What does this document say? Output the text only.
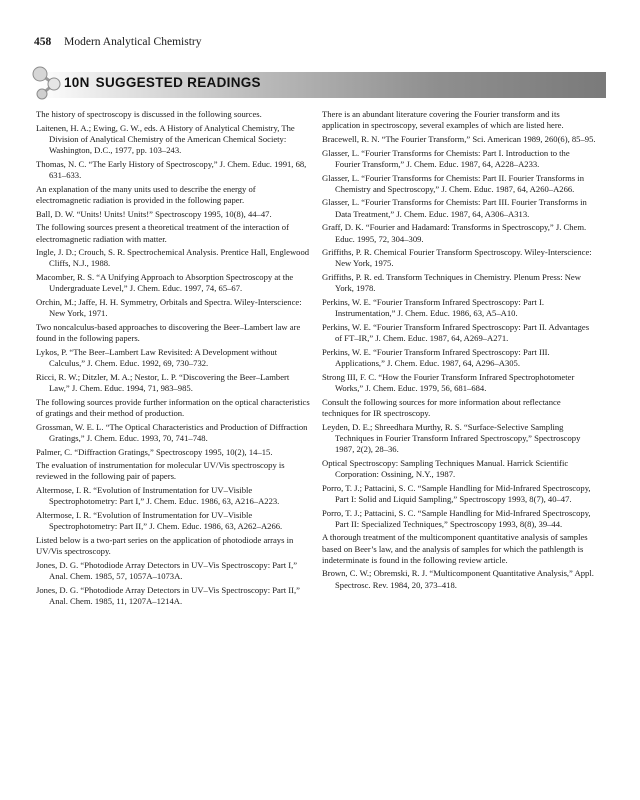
458 Modern Analytical Chemistry
10N SUGGESTED READINGS
The history of spectroscopy is discussed in the following sources.
Laitenen, H. A.; Ewing, G. W., eds. A History of Analytical Chemistry, The Division of Analytical Chemistry of the American Chemical Society: Washington, D.C., 1977, pp. 103–243.
Thomas, N. C. “The Early History of Spectroscopy,” J. Chem. Educ. 1991, 68, 631–633.
An explanation of the many units used to describe the energy of electromagnetic radiation is provided in the following paper.
Ball, D. W. “Units! Units! Units!” Spectroscopy 1995, 10(8), 44–47.
The following sources present a theoretical treatment of the interaction of electromagnetic radiation with matter.
Ingle, J. D.; Crouch, S. R. Spectrochemical Analysis. Prentice Hall, Englewood Cliffs, N.J., 1988.
Macomber, R. S. “A Unifying Approach to Absorption Spectroscopy at the Undergraduate Level,” J. Chem. Educ. 1997, 74, 65–67.
Orchin, M.; Jaffe, H. H. Symmetry, Orbitals and Spectra. Wiley-Interscience: New York, 1971.
Two noncalculus-based approaches to discovering the Beer–Lambert law are found in the following papers.
Lykos, P. “The Beer–Lambert Law Revisited: A Development without Calculus,” J. Chem. Educ. 1992, 69, 730–732.
Ricci, R. W.; Ditzler, M. A.; Nestor, L. P. “Discovering the Beer–Lambert Law,” J. Chem. Educ. 1994, 71, 983–985.
The following sources provide further information on the optical characteristics of gratings and their method of production.
Grossman, W. E. L. “The Optical Characteristics and Production of Diffraction Gratings,” J. Chem. Educ. 1993, 70, 741–748.
Palmer, C. “Diffraction Gratings,” Spectroscopy 1995, 10(2), 14–15.
The evaluation of instrumentation for molecular UV/Vis spectroscopy is reviewed in the following pair of papers.
Altermose, I. R. “Evolution of Instrumentation for UV–Visible Spectrophotometry: Part I,” J. Chem. Educ. 1986, 63, A216–A223.
Altermose, I. R. “Evolution of Instrumentation for UV–Visible Spectrophotometry: Part II,” J. Chem. Educ. 1986, 63, A262–A266.
Listed below is a two-part series on the application of photodiode arrays in UV/Vis spectroscopy.
Jones, D. G. “Photodiode Array Detectors in UV–Vis Spectroscopy: Part I,” Anal. Chem. 1985, 57, 1057A–1073A.
Jones, D. G. “Photodiode Array Detectors in UV–Vis Spectroscopy: Part II,” Anal. Chem. 1985, 11, 1207A–1214A.
There is an abundant literature covering the Fourier transform and its application in spectroscopy, several examples of which are listed here.
Bracewell, R. N. “The Fourier Transform,” Sci. American 1989, 260(6), 85–95.
Glasser, L. “Fourier Transforms for Chemists: Part I. Introduction to the Fourier Transform,” J. Chem. Educ. 1987, 64, A228–A233.
Glasser, L. “Fourier Transforms for Chemists: Part II. Fourier Transforms in Chemistry and Spectroscopy,” J. Chem. Educ. 1987, 64, A260–A266.
Glasser, L. “Fourier Transforms for Chemists: Part III. Fourier Transforms in Data Treatment,” J. Chem. Educ. 1987, 64, A306–A313.
Graff, D. K. “Fourier and Hadamard: Transforms in Spectroscopy,” J. Chem. Educ. 1995, 72, 304–309.
Griffiths, P. R. Chemical Fourier Transform Spectroscopy. Wiley-Interscience: New York, 1975.
Griffiths, P. R. ed. Transform Techniques in Chemistry. Plenum Press: New York, 1978.
Perkins, W. E. “Fourier Transform Infrared Spectroscopy: Part I. Instrumentation,” J. Chem. Educ. 1986, 63, A5–A10.
Perkins, W. E. “Fourier Transform Infrared Spectroscopy: Part II. Advantages of FT–IR,” J. Chem. Educ. 1987, 64, A269–A271.
Perkins, W. E. “Fourier Transform Infrared Spectroscopy: Part III. Applications,” J. Chem. Educ. 1987, 64, A296–A305.
Strong III, F. C. “How the Fourier Transform Infrared Spectrophotometer Works,” J. Chem. Educ. 1979, 56, 681–684.
Consult the following sources for more information about reflectance techniques for IR spectroscopy.
Leyden, D. E.; Shreedhara Murthy, R. S. “Surface-Selective Sampling Techniques in Fourier Transform Infrared Spectroscopy,” Spectroscopy 1987, 2(2), 28–36.
Optical Spectroscopy: Sampling Techniques Manual. Harrick Scientific Corporation: Ossining, N.Y., 1987.
Porro, T. J.; Pattacini, S. C. “Sample Handling for Mid-Infrared Spectroscopy, Part I: Solid and Liquid Sampling,” Spectroscopy 1993, 8(7), 40–47.
Porro, T. J.; Pattacini, S. C. “Sample Handling for Mid-Infrared Spectroscopy, Part II: Specialized Techniques,” Spectroscopy 1993, 8(8), 39–44.
A thorough treatment of the multicomponent quantitative analysis of samples based on Beer’s law, and the analysis of samples for which the pathlength is indeterminate is found in the following review article.
Brown, C. W.; Obremski, R. J. “Multicomponent Quantitative Analysis,” Appl. Spectrosc. Rev. 1984, 20, 373–418.
